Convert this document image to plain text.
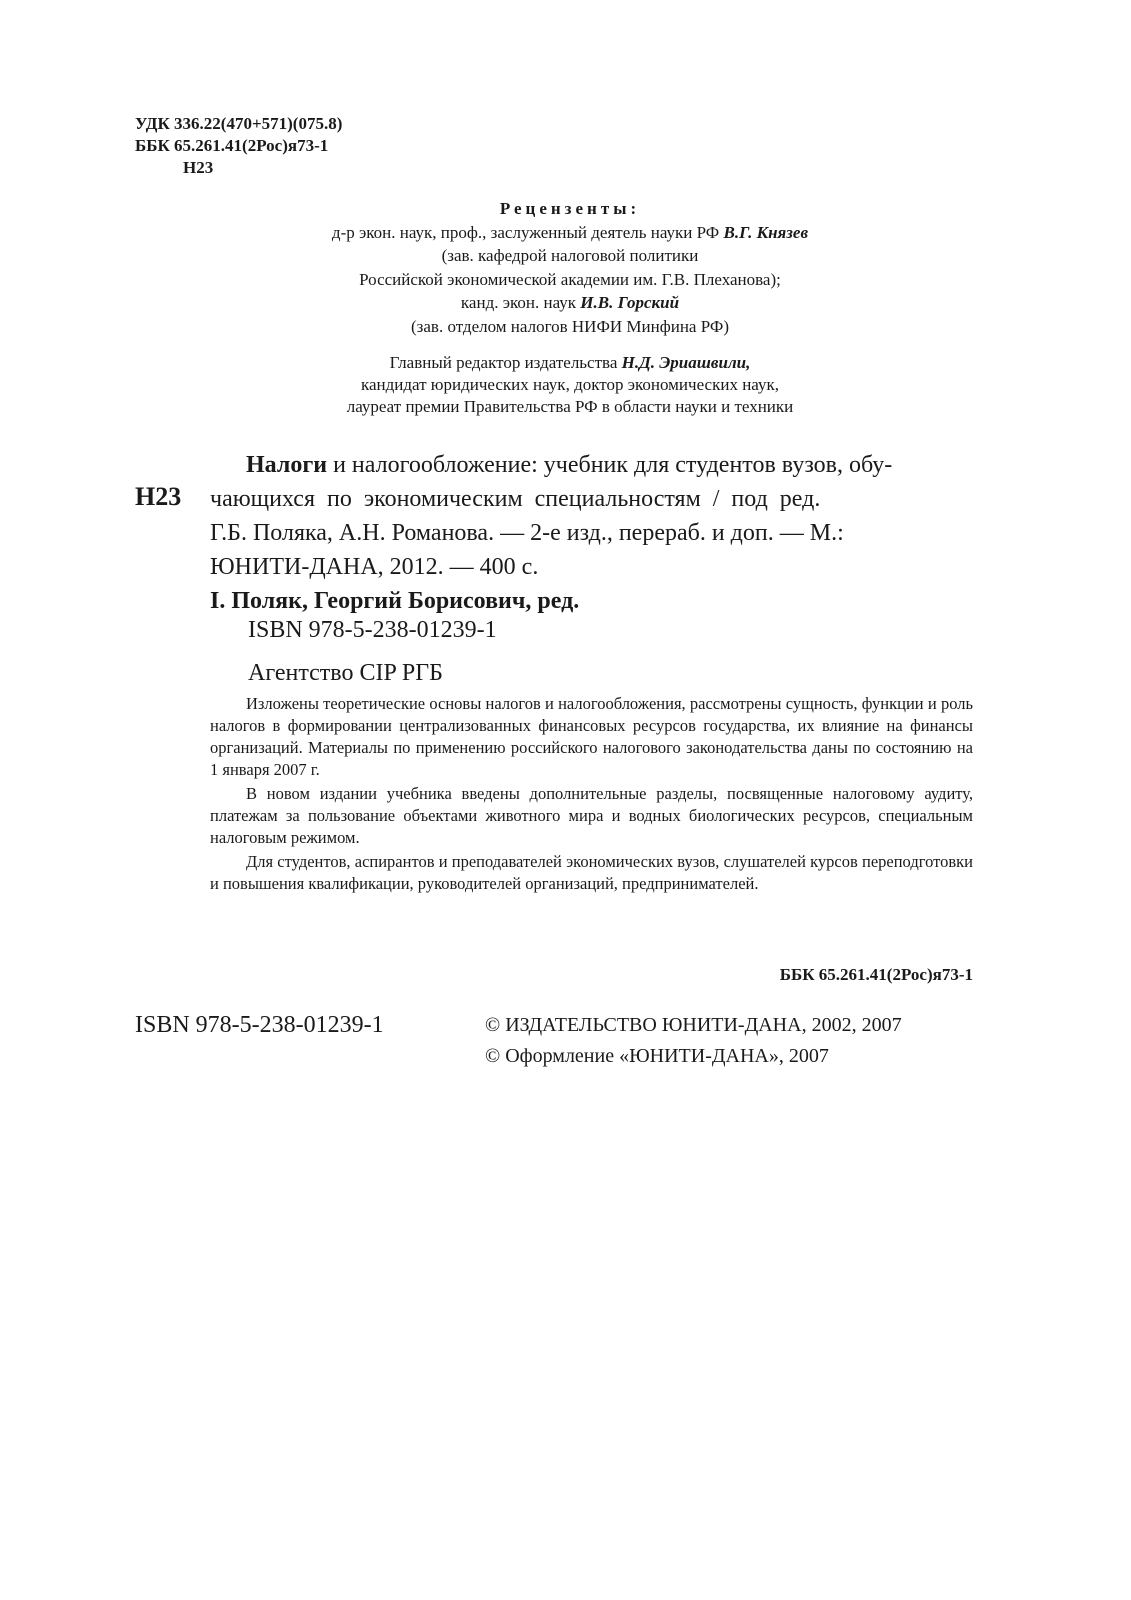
УДК 336.22(470+571)(075.8)
ББК 65.261.41(2Рос)я73-1
Н23
Рецензенты:
д-р экон. наук, проф., заслуженный деятель науки РФ В.Г. Князев
(зав. кафедрой налоговой политики
Российской экономической академии им. Г.В. Плеханова);
канд. экон. наук И.В. Горский
(зав. отделом налогов НИФИ Минфина РФ)
Главный редактор издательства Н.Д. Эриашвили,
кандидат юридических наук, доктор экономических наук,
лауреат премии Правительства РФ в области науки и техники
Н23

Налоги и налогообложение: учебник для студентов вузов, обу-

чающихся по экономическим специальностям / под ред.

Г.Б. Поляка, А.Н. Романова. — 2-е изд., перераб. и доп. — М.:

ЮНИТИ-ДАНА, 2012. — 400 с.

I. Поляк, Георгий Борисович, ред.

ISBN 978-5-238-01239-1
Агентство CIP РГБ

Изложены теоретические основы налогов и налогообложения, рассмотрены сущность, функции и роль налогов в формировании централизованных финансовых ресурсов государства, их влияние на финансы организаций. Материалы по применению российского налогового законодательства даны по состоянию на 1 января 2007 г.

В новом издании учебника введены дополнительные разделы, посвященные налоговому аудиту, платежам за пользование объектами животного мира и водных биологических ресурсов, специальным налоговым режимом.

Для студентов, аспирантов и преподавателей экономических вузов, слушателей курсов переподготовки и повышения квалификации, руководителей организаций, предпринимателей.

ББК 65.261.41(2Рос)я73-1
ISBN 978-5-238-01239-1	© ИЗДАТЕЛЬСТВО ЮНИТИ-ДАНА, 2002, 2007
© Оформление «ЮНИТИ-ДАНА», 2007
